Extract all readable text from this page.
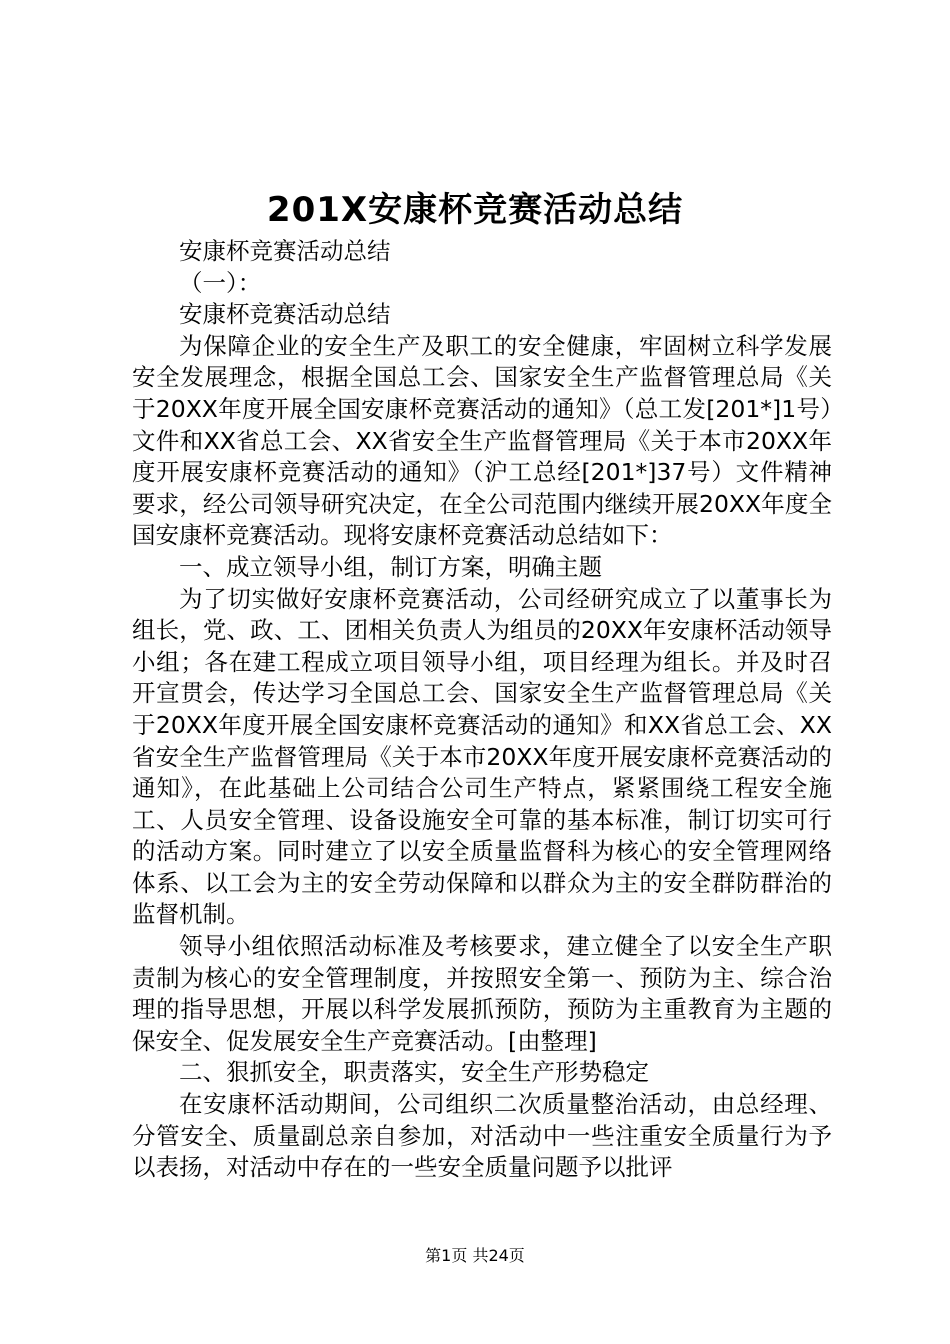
201X安康杯竞赛活动总结

安康杯竞赛活动总结

（一）：

安康杯竞赛活动总结

为保障企业的安全生产及职工的安全健康，牢固树立科学发展安全发展理念，根据全国总工会、国家安全生产监督管理总局《关于20XX年度开展全国安康杯竞赛活动的通知》（总工发[201*]1号）文件和XX省总工会、XX省安全生产监督管理局《关于本市20XX年度开展安康杯竞赛活动的通知》（沪工总经[201*]37号）文件精神要求，经公司领导研究决定，在全公司范围内继续开展20XX年度全国安康杯竞赛活动。现将安康杯竞赛活动总结如下：

一、成立领导小组，制订方案，明确主题

为了切实做好安康杯竞赛活动，公司经研究成立了以董事长为组长，党、政、工、团相关负责人为组员的20XX年安康杯活动领导小组；各在建工程成立项目领导小组，项目经理为组长。并及时召开宣贯会，传达学习全国总工会、国家安全生产监督管理总局《关于20XX年度开展全国安康杯竞赛活动的通知》和XX省总工会、XX省安全生产监督管理局《关于本市20XX年度开展安康杯竞赛活动的通知》，在此基础上公司结合公司生产特点，紧紧围绕工程安全施工、人员安全管理、设备设施安全可靠的基本标准，制订切实可行的活动方案。同时建立了以安全质量监督科为核心的安全管理网络体系、以工会为主的安全劳动保障和以群众为主的安全群防群治的监督机制。

领导小组依照活动标准及考核要求，建立健全了以安全生产职责制为核心的安全管理制度，并按照安全第一、预防为主、综合治理的指导思想，开展以科学发展抓预防，预防为主重教育为主题的保安全、促发展安全生产竞赛活动。[由整理]

二、狠抓安全，职责落实，安全生产形势稳定

在安康杯活动期间，公司组织二次质量整治活动，由总经理、分管安全、质量副总亲自参加，对活动中一些注重安全质量行为予以表扬，对活动中存在的一些安全质量问题予以批评

第1页 共24页
